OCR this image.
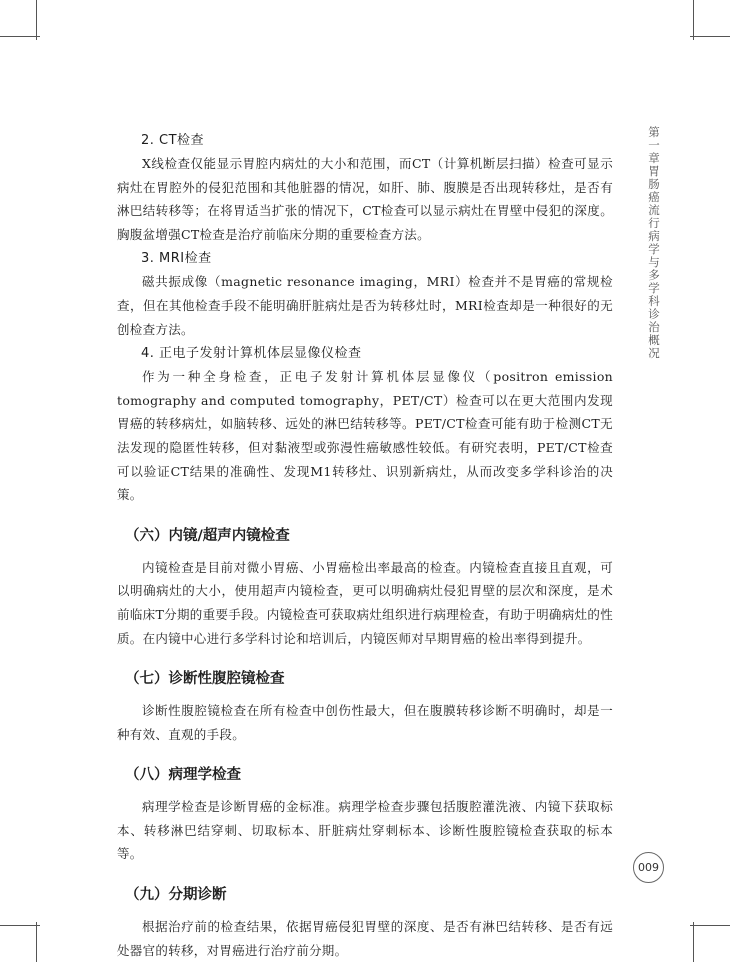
2. CT检查

X线检查仅能显示胃腔内病灶的大小和范围，而CT（计算机断层扫描）检查可显示病灶在胃腔外的侵犯范围和其他脏器的情况，如肝、肺、腹膜是否出现转移灶，是否有淋巴结转移等；在将胃适当扩张的情况下，CT检查可以显示病灶在胃壁中侵犯的深度。胸腹盆增强CT检查是治疗前临床分期的重要检查方法。

3. MRI检查

磁共振成像（magnetic resonance imaging，MRI）检查并不是胃癌的常规检查，但在其他检查手段不能明确肝脏病灶是否为转移灶时，MRI检查却是一种很好的无创检查方法。

4. 正电子发射计算机体层显像仪检查

作为一种全身检查，正电子发射计算机体层显像仪（positron emission tomography and computed tomography，PET/CT）检查可以在更大范围内发现胃癌的转移病灶，如脑转移、远处的淋巴结转移等。PET/CT检查可能有助于检测CT无法发现的隐匿性转移，但对黏液型或弥漫性癌敏感性较低。有研究表明，PET/CT检查可以验证CT结果的准确性、发现M1转移灶、识别新病灶，从而改变多学科诊治的决策。

（六）内镜/超声内镜检查

内镜检查是目前对微小胃癌、小胃癌检出率最高的检查。内镜检查直接且直观，可以明确病灶的大小，使用超声内镜检查，更可以明确病灶侵犯胃壁的层次和深度，是术前临床T分期的重要手段。内镜检查可获取病灶组织进行病理检查，有助于明确病灶的性质。在内镜中心进行多学科讨论和培训后，内镜医师对早期胃癌的检出率得到提升。

（七）诊断性腹腔镜检查

诊断性腹腔镜检查在所有检查中创伤性最大，但在腹膜转移诊断不明确时，却是一种有效、直观的手段。

（八）病理学检查

病理学检查是诊断胃癌的金标准。病理学检查步骤包括腹腔灌洗液、内镜下获取标本、转移淋巴结穿刺、切取标本、肝脏病灶穿刺标本、诊断性腹腔镜检查获取的标本等。

（九）分期诊断

根据治疗前的检查结果，依据胃癌侵犯胃壁的深度、是否有淋巴结转移、是否有远处器官的转移，对胃癌进行治疗前分期。

第一章 胃肠癌流行病学与多学科诊治概况
009
